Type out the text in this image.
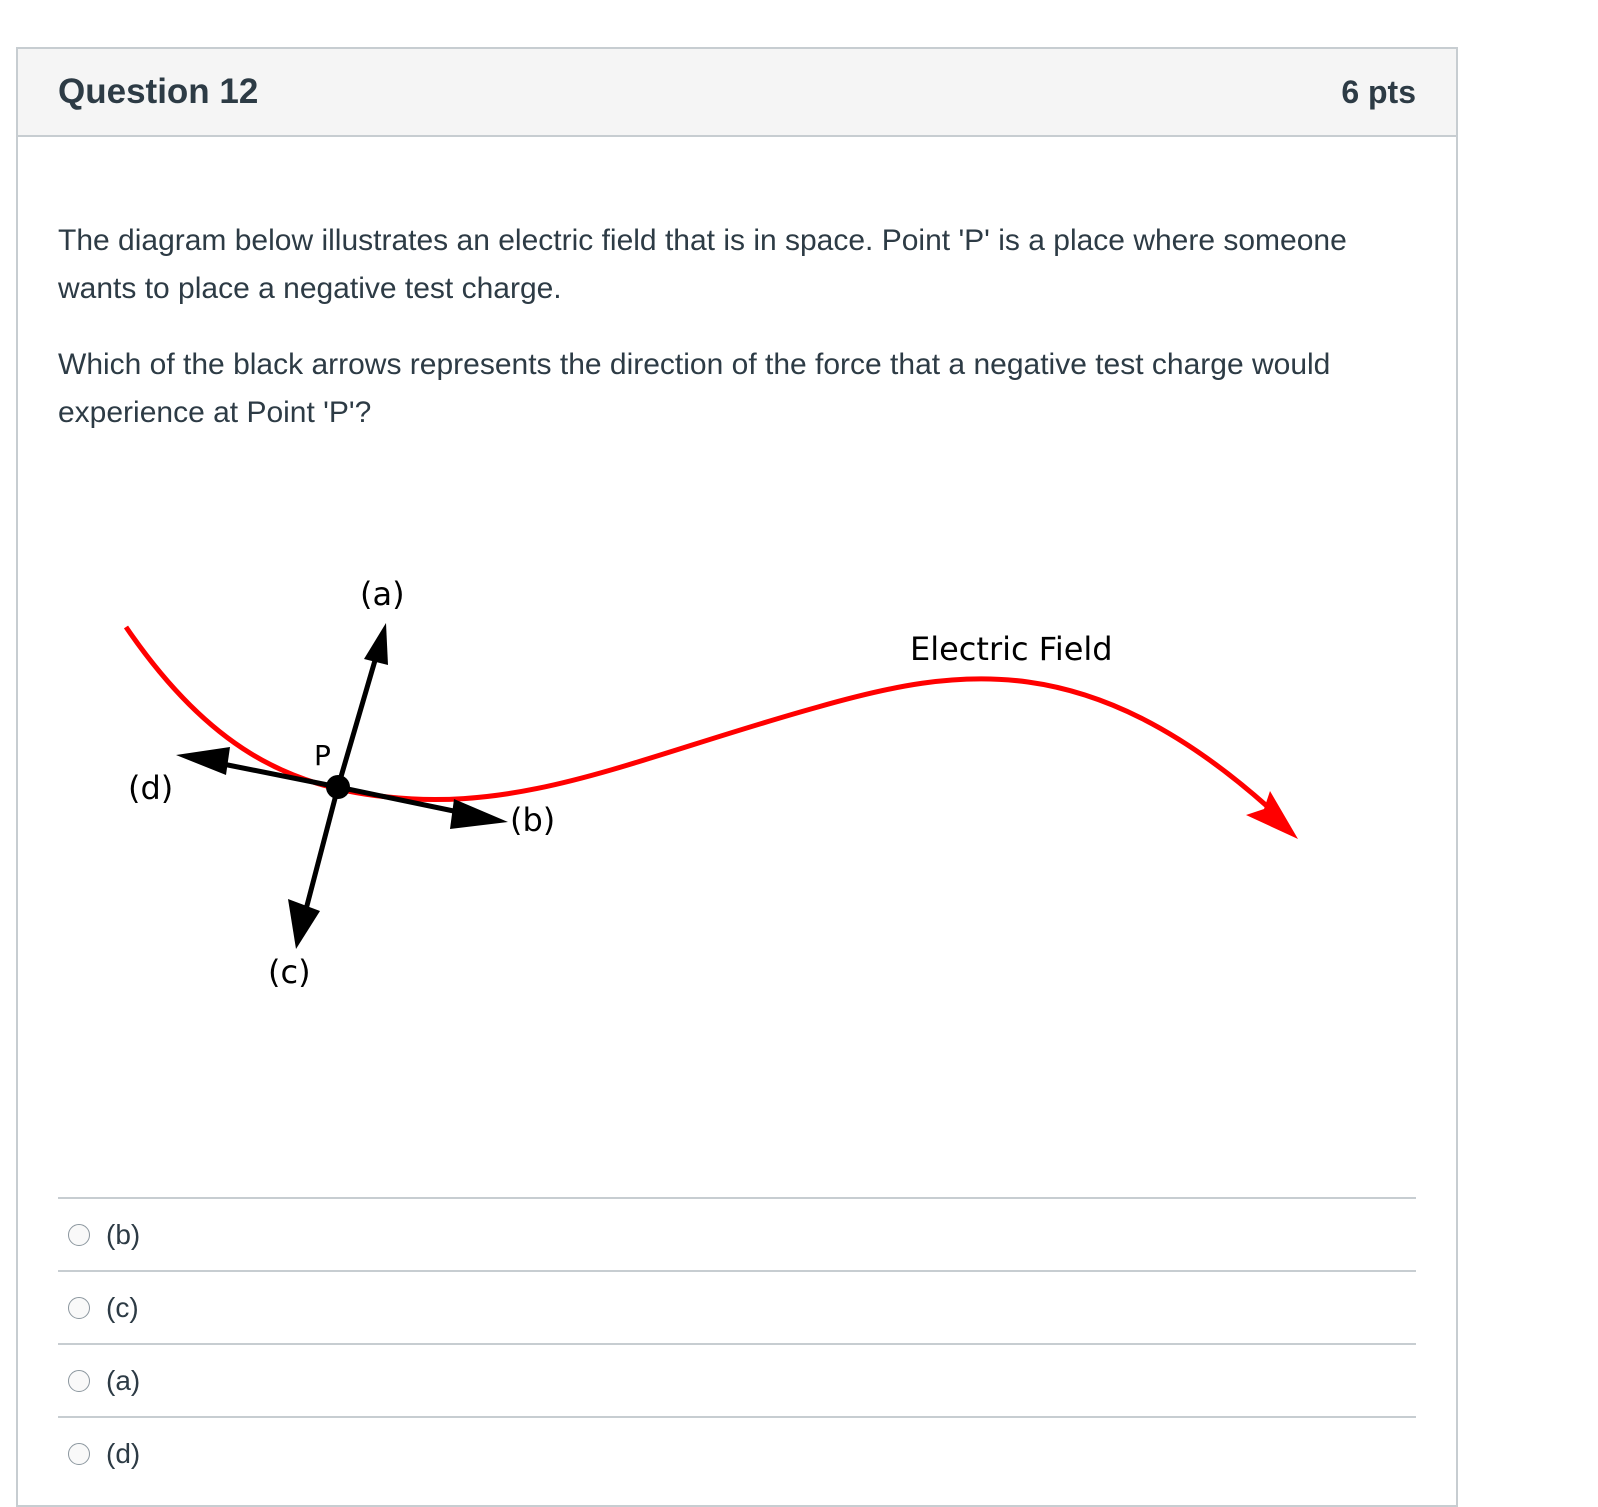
Question 12	6 pts

The diagram below illustrates an electric field that is in space. Point 'P' is a place where someone wants to place a negative test charge.

Which of the black arrows represents the direction of the force that a negative test charge would experience at Point 'P'?

P
(a)
(b)
(c)
(d)
Electric Field
(b)
(c)
(a)
(d)
